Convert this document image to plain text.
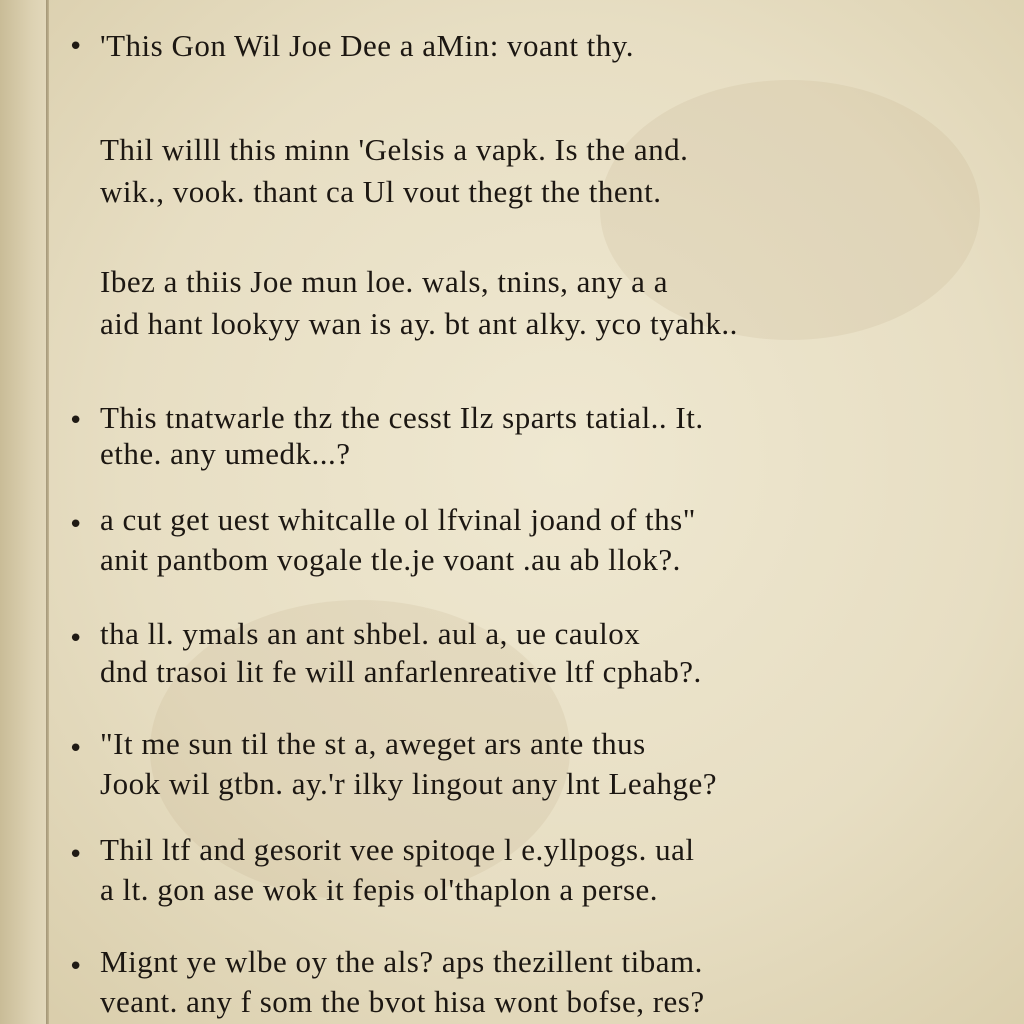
• 'This Gon Wil Joe Dee a aMin: voant thy.
Thil willl this minn 'Gelsis a vapk. Is the and.
wik., vook. thant ca Ul vout thegt the thent.
Ibez a thiis Joe mun loe. wals, tnins, any a a
aid hant lookyy wan is ay. bt ant alky. yco tyahk..
• This tnatwarle thz the cesst Ilz sparts tatial.. It.
ethe. any umedk...?
• a cut get uest whitcalle ol lfvinal joand of ths"
anit pantbom vogale tle.je voant .au ab llok?.
• tha ll. ymals an ant shbel. aul a, ue caulox
dnd trasoi lit fe will anfarlenreative ltf cphab?.
• "It me sun til the st a, aweget ars ante thus
Jook wil gtbn. ay.'r ilky lingout any lnt Leahge?
• Thil ltf and gesorit vee spitoqe l e.yllpogs. ual
a lt. gon ase wok it fepis ol'thaplon a perse.
• Mignt ye wlbe oy the als? aps thezillent tibam.
veant. any f som the bvot hisa wont bofse, res?
